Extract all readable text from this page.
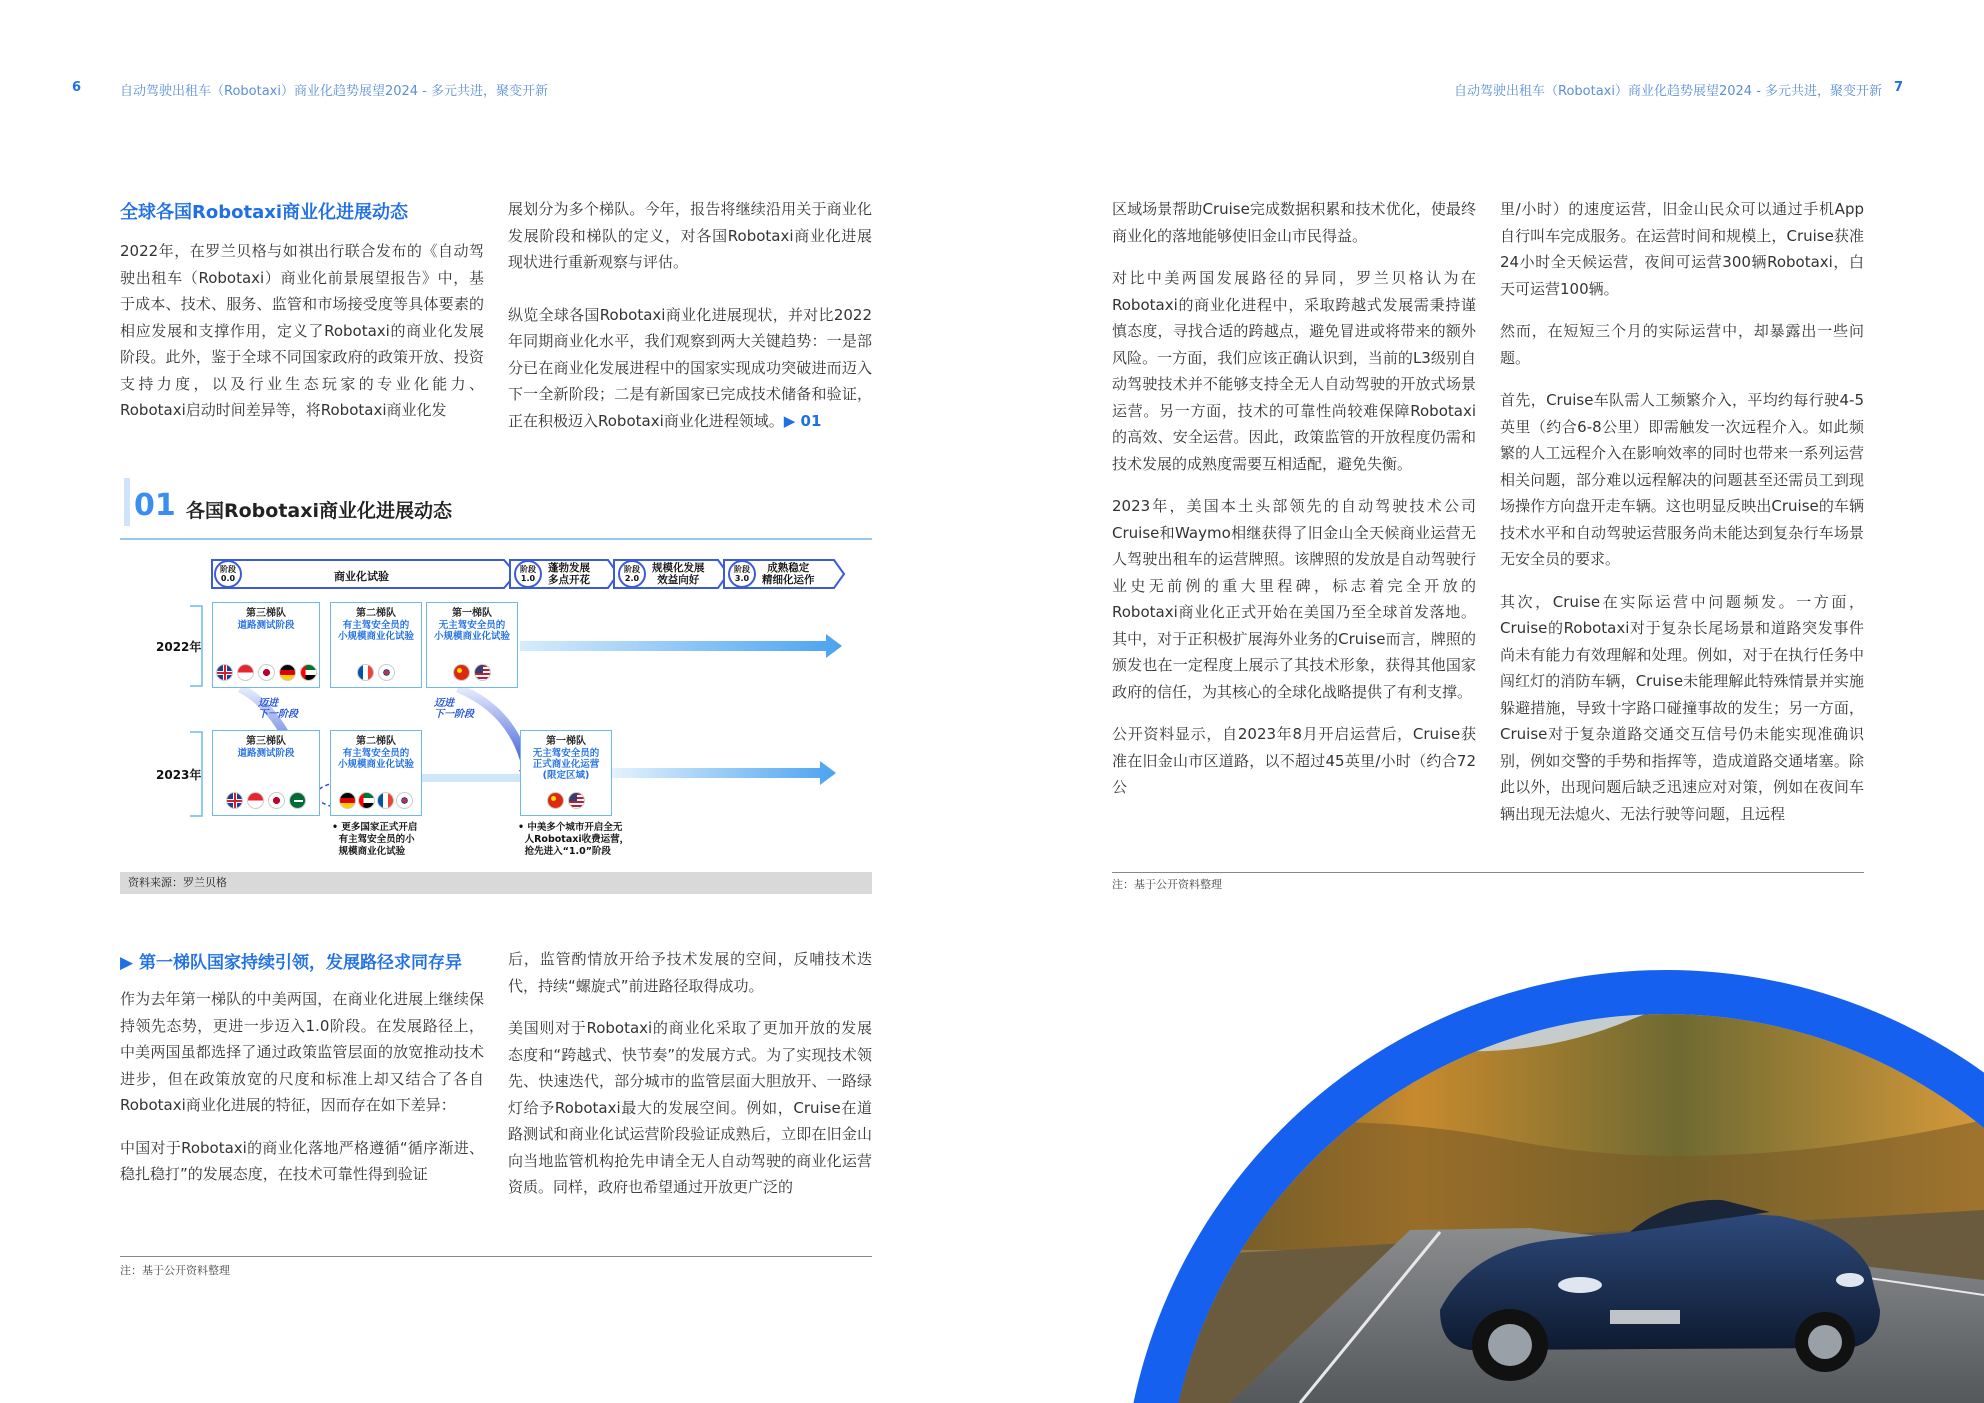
6	自动驾驶出租车（Robotaxi）商业化趋势展望2024 - 多元共进，聚变开新
全球各国Robotaxi商业化进展动态

2022年，在罗兰贝格与如祺出行联合发布的《自动驾驶出租车（Robotaxi）商业化前景展望报告》中，基于成本、技术、服务、监管和市场接受度等具体要素的相应发展和支撑作用，定义了Robotaxi的商业化发展阶段。此外，鉴于全球不同国家政府的政策开放、投资支持力度，以及行业生态玩家的专业化能力、Robotaxi启动时间差异等，将Robotaxi商业化发

展划分为多个梯队。今年，报告将继续沿用关于商业化发展阶段和梯队的定义，对各国Robotaxi商业化进展现状进行重新观察与评估。

纵览全球各国Robotaxi商业化进展现状，并对比2022年同期商业化水平，我们观察到两大关键趋势：一是部分已在商业化发展进程中的国家实现成功突破进而迈入下一全新阶段；二是有新国家已完成技术储备和验证，正在积极迈入Robotaxi商业化进程领域。▶ 01

01 各国Robotaxi商业化进展动态
阶段
0.0	商业化试验
阶段
1.0
蓬勃发展
多点开花
阶段
2.0
规模化发展
效益向好
阶段
3.0
成熟稳定
精细化运作
2022年
2023年
第三梯队
道路测试阶段
第二梯队
有主驾安全员的
小规模商业化试验
第一梯队
无主驾安全员的
小规模商业化试验
迈进
下一阶段
迈进
下一阶段
第三梯队
道路测试阶段
第二梯队
有主驾安全员的
小规模商业化试验
第一梯队
无主驾安全员的
正式商业化运营
(限定区域)
• 更多国家正式开启
有主驾安全员的小
规模商业化试验
• 中美多个城市开启全无
人Robotaxi收费运营，
抢先进入“1.0”阶段
资料来源：罗兰贝格
▶ 第一梯队国家持续引领，发展路径求同存异

作为去年第一梯队的中美两国，在商业化进展上继续保持领先态势，更进一步迈入1.0阶段。在发展路径上，中美两国虽都选择了通过政策监管层面的放宽推动技术进步，但在政策放宽的尺度和标准上却又结合了各自Robotaxi商业化进展的特征，因而存在如下差异：

中国对于Robotaxi的商业化落地严格遵循“循序渐进、稳扎稳打”的发展态度，在技术可靠性得到验证

后，监管酌情放开给予技术发展的空间，反哺技术迭代，持续“螺旋式”前进路径取得成功。

美国则对于Robotaxi的商业化采取了更加开放的发展态度和“跨越式、快节奏”的发展方式。为了实现技术领先、快速迭代，部分城市的监管层面大胆放开、一路绿灯给予Robotaxi最大的发展空间。例如，Cruise在道路测试和商业化试运营阶段验证成熟后，立即在旧金山向当地监管机构抢先申请全无人自动驾驶的商业化运营资质。同样，政府也希望通过开放更广泛的

注：基于公开资料整理
自动驾驶出租车（Robotaxi）商业化趋势展望2024 - 多元共进，聚变开新 7

区域场景帮助Cruise完成数据积累和技术优化，使最终商业化的落地能够使旧金山市民得益。

对比中美两国发展路径的异同，罗兰贝格认为在Robotaxi的商业化进程中，采取跨越式发展需秉持谨慎态度，寻找合适的跨越点，避免冒进或将带来的额外风险。一方面，我们应该正确认识到，当前的L3级别自动驾驶技术并不能够支持全无人自动驾驶的开放式场景运营。另一方面，技术的可靠性尚较难保障Robotaxi的高效、安全运营。因此，政策监管的开放程度仍需和技术发展的成熟度需要互相适配，避免失衡。

2023年，美国本土头部领先的自动驾驶技术公司Cruise和Waymo相继获得了旧金山全天候商业运营无人驾驶出租车的运营牌照。该牌照的发放是自动驾驶行业史无前例的重大里程碑，标志着完全开放的Robotaxi商业化正式开始在美国乃至全球首发落地。其中，对于正积极扩展海外业务的Cruise而言，牌照的颁发也在一定程度上展示了其技术形象，获得其他国家政府的信任，为其核心的全球化战略提供了有利支撑。

公开资料显示，自2023年8月开启运营后，Cruise获准在旧金山市区道路，以不超过45英里/小时（约合72公

里/小时）的速度运营，旧金山民众可以通过手机App自行叫车完成服务。在运营时间和规模上，Cruise获准24小时全天候运营，夜间可运营300辆Robotaxi，白天可运营100辆。

然而，在短短三个月的实际运营中，却暴露出一些问题。

首先，Cruise车队需人工频繁介入，平均约每行驶4-5英里（约合6-8公里）即需触发一次远程介入。如此频繁的人工远程介入在影响效率的同时也带来一系列运营相关问题，部分难以远程解决的问题甚至还需员工到现场操作方向盘开走车辆。这也明显反映出Cruise的车辆技术水平和自动驾驶运营服务尚未能达到复杂行车场景无安全员的要求。

其次，Cruise在实际运营中问题频发。一方面，Cruise的Robotaxi对于复杂长尾场景和道路突发事件尚未有能力有效理解和处理。例如，对于在执行任务中闯红灯的消防车辆，Cruise未能理解此特殊情景并实施躲避措施，导致十字路口碰撞事故的发生；另一方面，Cruise对于复杂道路交通交互信号仍未能实现准确识别，例如交警的手势和指挥等，造成道路交通堵塞。除此以外，出现问题后缺乏迅速应对对策，例如在夜间车辆出现无法熄火、无法行驶等问题，且远程

注：基于公开资料整理
